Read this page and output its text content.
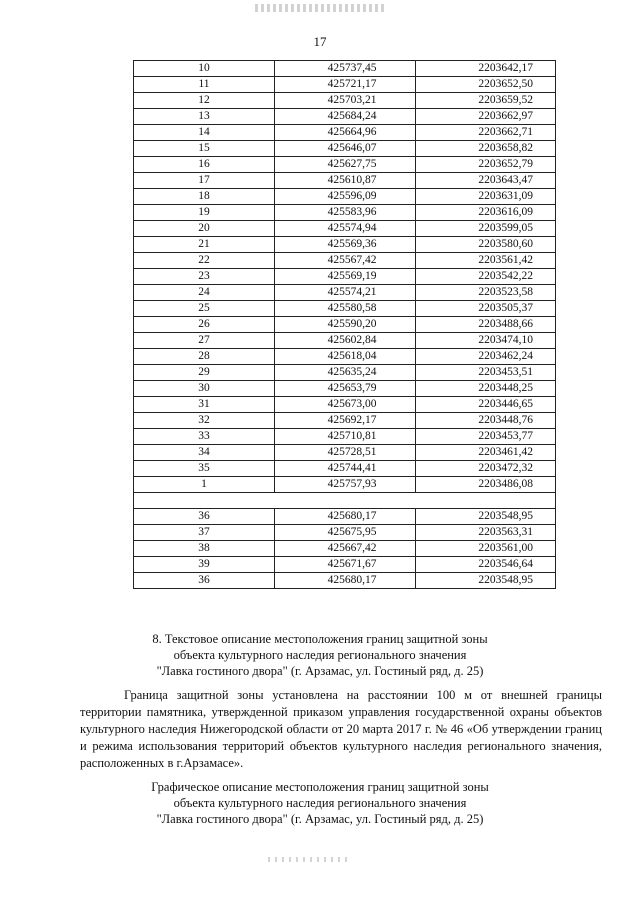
17
10	425737,45	2203642,17
11	425721,17	2203652,50
12	425703,21	2203659,52
13	425684,24	2203662,97
14	425664,96	2203662,71
15	425646,07	2203658,82
16	425627,75	2203652,79
17	425610,87	2203643,47
18	425596,09	2203631,09
19	425583,96	2203616,09
20	425574,94	2203599,05
21	425569,36	2203580,60
22	425567,42	2203561,42
23	425569,19	2203542,22
24	425574,21	2203523,58
25	425580,58	2203505,37
26	425590,20	2203488,66
27	425602,84	2203474,10
28	425618,04	2203462,24
29	425635,24	2203453,51
30	425653,79	2203448,25
31	425673,00	2203446,65
32	425692,17	2203448,76
33	425710,81	2203453,77
34	425728,51	2203461,42
35	425744,41	2203472,32
1	425757,93	2203486,08

36	425680,17	2203548,95
37	425675,95	2203563,31
38	425667,42	2203561,00
39	425671,67	2203546,64
36	425680,17	2203548,95
8. Текстовое описание местоположения границ защитной зоны
объекта культурного наследия регионального значения
"Лавка гостиного двора" (г. Арзамас, ул. Гостиный ряд, д. 25)
Граница защитной зоны установлена на расстоянии 100 м от внешней границы территории памятника, утвержденной приказом управления государственной охраны объектов культурного наследия Нижегородской области от 20 марта 2017 г. № 46 «Об утверждении границ и режима использования территорий объектов культурного наследия регионального значения, расположенных в г.Арзамасе».
Графическое описание местоположения границ защитной зоны
объекта культурного наследия регионального значения
"Лавка гостиного двора" (г. Арзамас, ул. Гостиный ряд, д. 25)
